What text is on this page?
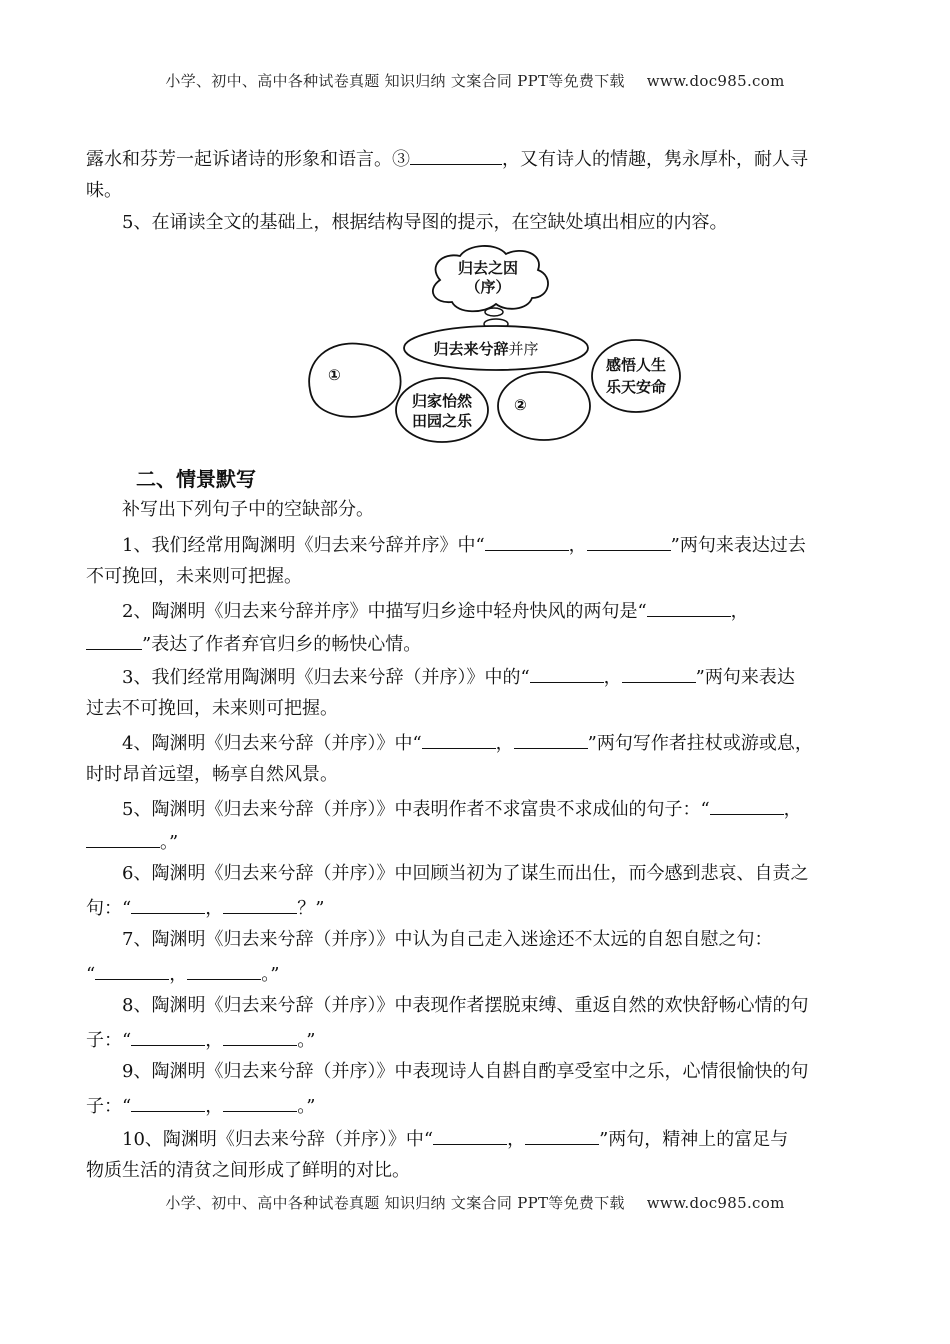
小学、初中、高中各种试卷真题 知识归纳 文案合同 PPT等免费下载 www.doc985.com
露水和芬芳一起诉诸诗的形象和语言。③	，又有诗人的情趣，隽永厚朴，耐人寻
味。
5、在诵读全文的基础上，根据结构导图的提示，在空缺处填出相应的内容。
归去之因
（序）
①
归家怡然
田园之乐
②
感悟人生
乐天安命
归去来兮辞并序
二、情景默写
补写出下列句子中的空缺部分。
1、我们经常用陶渊明《归去来兮辞并序》中“	，	”两句来表达过去
不可挽回，未来则可把握。
2、陶渊明《归去来兮辞并序》中描写归乡途中轻舟快风的两句是“	，
”表达了作者弃官归乡的畅快心情。
3、我们经常用陶渊明《归去来兮辞（并序）》中的“	，	”两句来表达
过去不可挽回，未来则可把握。
4、陶渊明《归去来兮辞（并序）》中“	，	”两句写作者拄杖或游或息，
时时昂首远望，畅享自然风景。
5、陶渊明《归去来兮辞（并序）》中表明作者不求富贵不求成仙的句子：“	，
。”
6、陶渊明《归去来兮辞（并序）》中回顾当初为了谋生而出仕，而今感到悲哀、自责之
句：“	，	？”
7、陶渊明《归去来兮辞（并序）》中认为自己走入迷途还不太远的自恕自慰之句：
“	，	。”
8、陶渊明《归去来兮辞（并序）》中表现作者摆脱束缚、重返自然的欢快舒畅心情的句
子：“	，	。”
9、陶渊明《归去来兮辞（并序）》中表现诗人自斟自酌享受室中之乐，心情很愉快的句
子：“	，	。”
10、陶渊明《归去来兮辞（并序）》中“	，	”两句，精神上的富足与
物质生活的清贫之间形成了鲜明的对比。
小学、初中、高中各种试卷真题 知识归纳 文案合同 PPT等免费下载 www.doc985.com
